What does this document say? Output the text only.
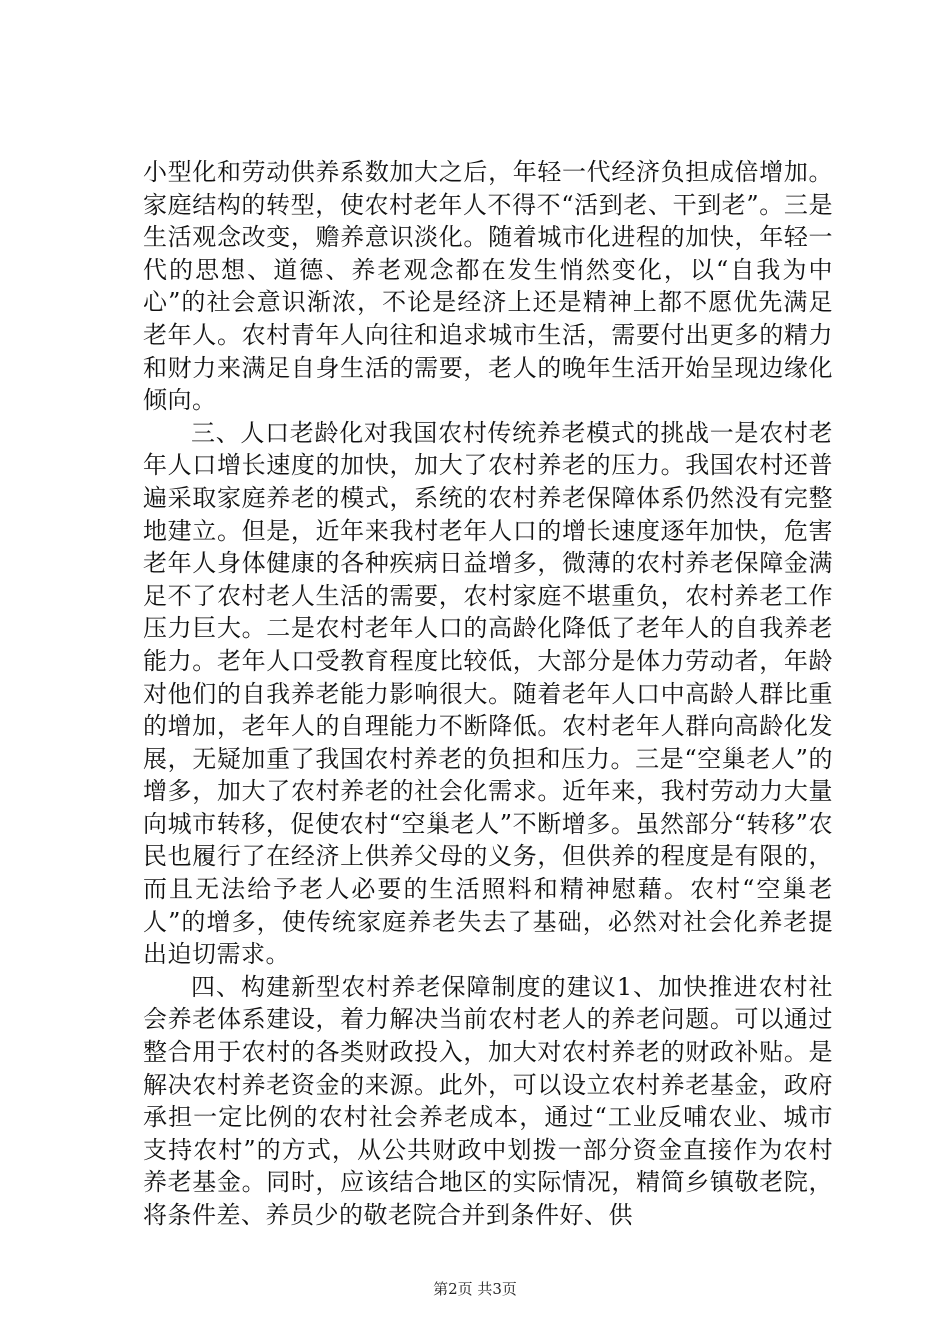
小型化和劳动供养系数加大之后，年轻一代经济负担成倍增加。家庭结构的转型，使农村老年人不得不“活到老、干到老”。三是生活观念改变，赡养意识淡化。随着城市化进程的加快，年轻一代的思想、道德、养老观念都在发生悄然变化，以“自我为中心”的社会意识渐浓，不论是经济上还是精神上都不愿优先满足老年人。农村青年人向往和追求城市生活，需要付出更多的精力和财力来满足自身生活的需要，老人的晚年生活开始呈现边缘化倾向。

三、人口老龄化对我国农村传统养老模式的挑战一是农村老年人口增长速度的加快，加大了农村养老的压力。我国农村还普遍采取家庭养老的模式，系统的农村养老保障体系仍然没有完整地建立。但是，近年来我村老年人口的增长速度逐年加快，危害老年人身体健康的各种疾病日益增多，微薄的农村养老保障金满足不了农村老人生活的需要，农村家庭不堪重负，农村养老工作压力巨大。二是农村老年人口的高龄化降低了老年人的自我养老能力。老年人口受教育程度比较低，大部分是体力劳动者，年龄对他们的自我养老能力影响很大。随着老年人口中高龄人群比重的增加，老年人的自理能力不断降低。农村老年人群向高龄化发展，无疑加重了我国农村养老的负担和压力。三是“空巢老人”的增多，加大了农村养老的社会化需求。近年来，我村劳动力大量向城市转移，促使农村“空巢老人”不断增多。虽然部分“转移”农民也履行了在经济上供养父母的义务，但供养的程度是有限的，而且无法给予老人必要的生活照料和精神慰藉。农村“空巢老人”的增多，使传统家庭养老失去了基础，必然对社会化养老提出迫切需求。

四、构建新型农村养老保障制度的建议1、加快推进农村社会养老体系建设，着力解决当前农村老人的养老问题。可以通过整合用于农村的各类财政投入，加大对农村养老的财政补贴。是解决农村养老资金的来源。此外，可以设立农村养老基金，政府承担一定比例的农村社会养老成本，通过“工业反哺农业、城市支持农村”的方式，从公共财政中划拨一部分资金直接作为农村养老基金。同时，应该结合地区的实际情况，精简乡镇敬老院，将条件差、养员少的敬老院合并到条件好、供

第2页 共3页
